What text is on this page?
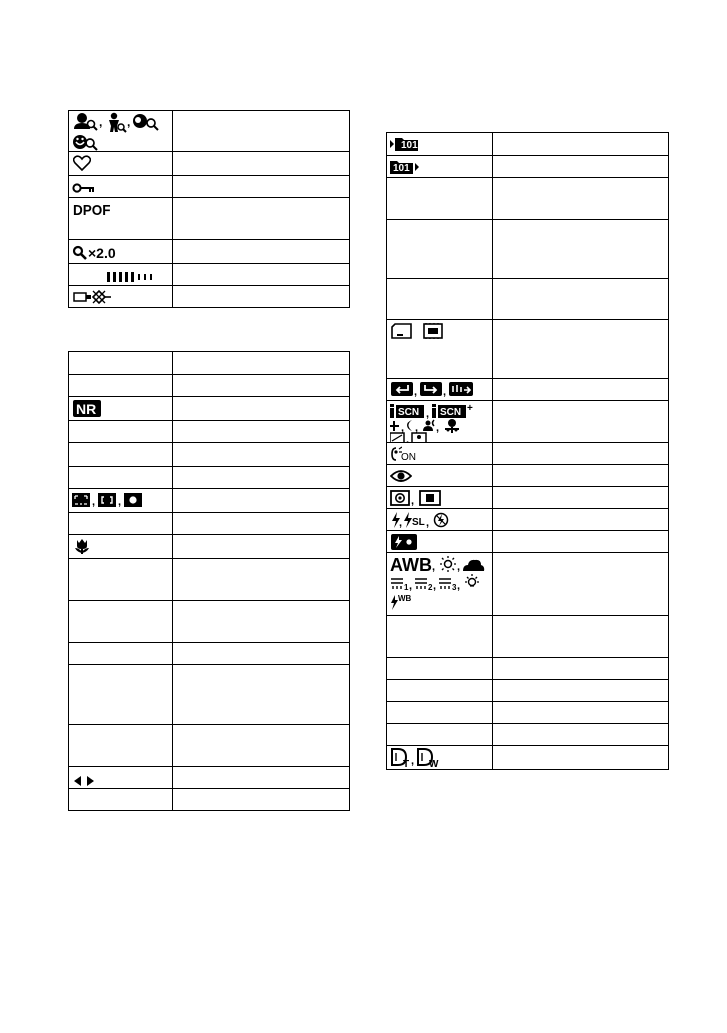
, ,
DPOF
×2.0
NR
, ,
101
101
, ,
SCN , SCN +
, , ,
,
ON
,
, SL ,
AWB , ,
1 , 2 , 3 ,
WB
T , W
